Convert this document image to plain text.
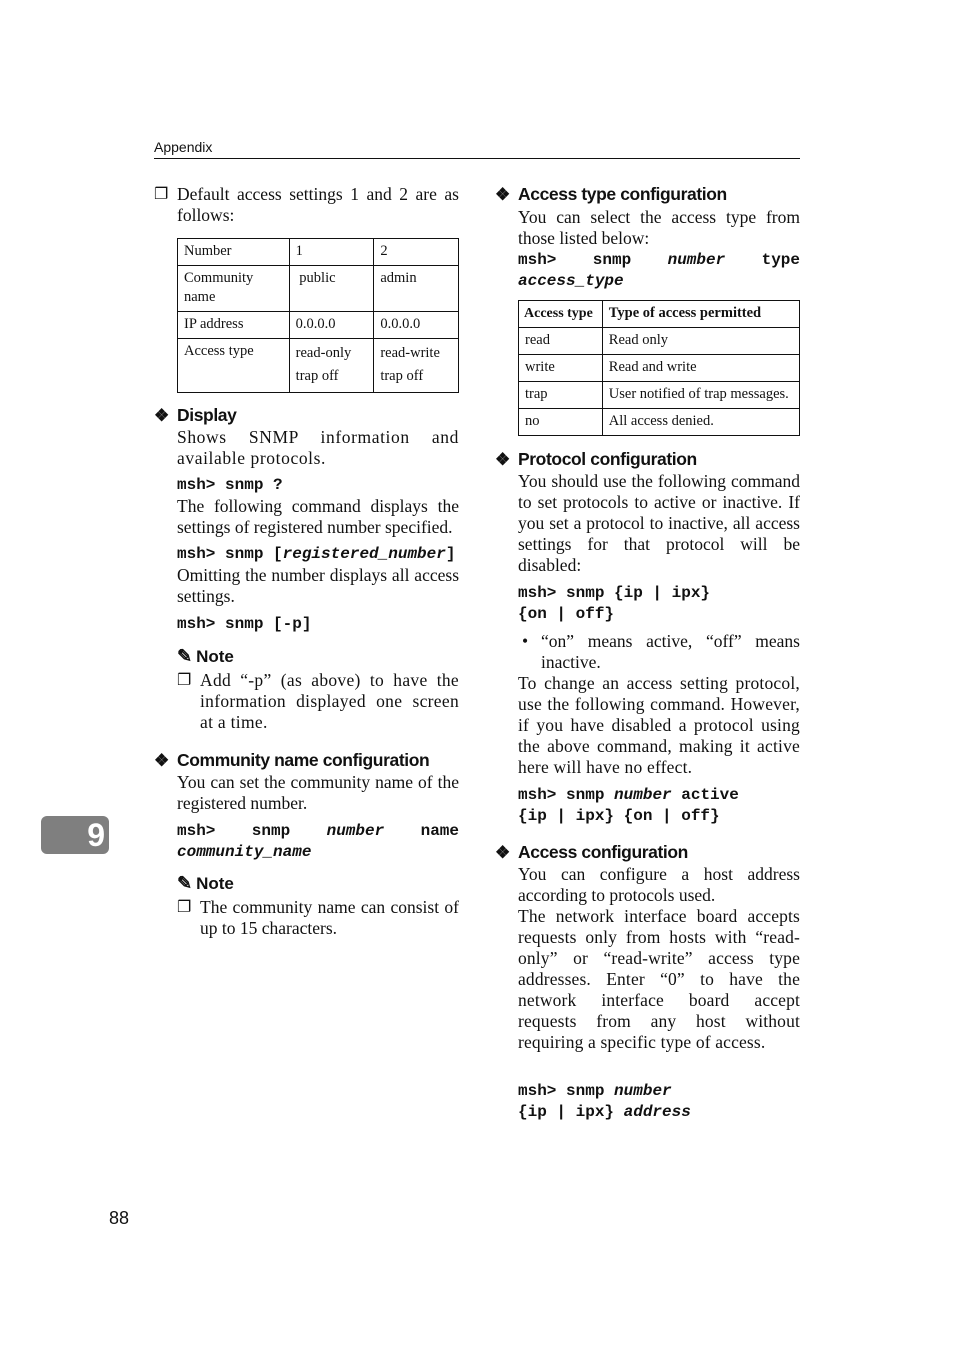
Appendix
❐ Default access settings 1 and 2 are as follows:
Number	1	2
Community name	public	admin
IP address	0.0.0.0	0.0.0.0
Access type	read-only trap off	read-write trap off
❖ Display

Shows SNMP information and available protocols.

msh> snmp ?

The following command displays the settings of registered number specified.

msh> snmp [registered_number]

Omitting the number displays all access settings.

msh> snmp [-p]
✎ Note
❐ Add “-p” (as above) to have the information displayed one screen at a time.
❖ Community name configuration

You can set the community name of the registered number.

msh> snmp number name
community_name
✎ Note
❐ The community name can consist of up to 15 characters.
❖ Access type configuration

You can select the access type from those listed below:

msh> snmp number type
access_type
Access type	Type of access permitted
read	Read only
write	Read and write
trap	User notified of trap messages.
no	All access denied.
❖ Protocol configuration

You should use the following command to set protocols to active or inactive. If you set a protocol to inactive, all access settings for that protocol will be disabled:

msh> snmp {ip | ipx}
{on | off}
• “on” means active, “off” means inactive.

To change an access setting protocol, use the following command. However, if you have disabled a protocol using the above command, making it active here will have no effect.

msh> snmp number active
{ip | ipx} {on | off}
❖ Access configuration

You can configure a host address according to protocols used.

The network interface board accepts requests only from hosts with “read-only” or “read-write” access type addresses. Enter “0” to have the network interface board accept requests from any host without requiring a specific type of access.

msh> snmp number
{ip | ipx} address
9
88
